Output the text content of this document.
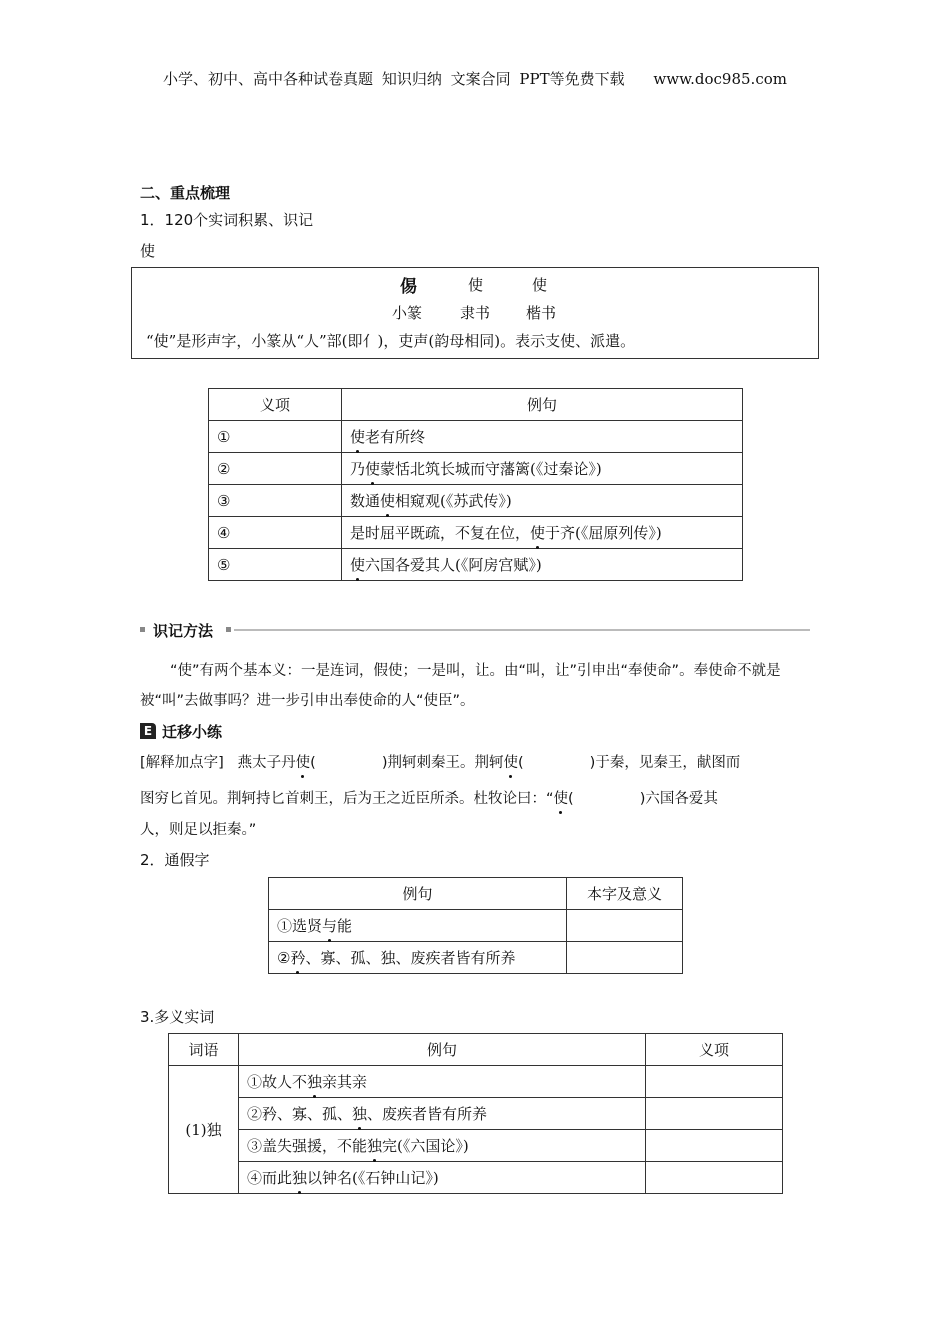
小学、初中、高中各种试卷真题 知识归纳 文案合同 PPT等免费下载 www.doc985.com
二、重点梳理
1．120个实词积累、识记
使
㑥	使	使
小篆	隶书 楷书
“使”是形声字，小篆从“人”部(即亻)，吏声(韵母相同)。表示支使、派遣。
义项	例句
①	使老有所终
②	乃使蒙恬北筑长城而守藩篱(《过秦论》)
③	数通使相窥观(《苏武传》)
④	是时屈平既疏，不复在位，使于齐(《屈原列传》)
⑤	使六国各爱其人(《阿房宫赋》)
识记方法
“使”有两个基本义：一是连词，假使；一是叫，让。由“叫，让”引申出“奉使命”。奉使命不就是被“叫”去做事吗？进一步引申出奉使命的人“使臣”。
E 迁移小练
[解释加点字] 燕太子丹使(	)荆轲刺秦王。荆轲使(	)于秦，见秦王，献图而
图穷匕首见。荆轲持匕首刺王，后为王之近臣所杀。杜牧论曰：“使(	)六国各爱其
人，则足以拒秦。”
2．通假字
例句	本字及意义
①选贤与能	
②矜、寡、孤、独、废疾者皆有所养	
3.多义实词
词语	例句	义项
(1)独	①故人不独亲其亲	
	②矜、寡、孤、独、废疾者皆有所养	
	③盖失强援，不能独完(《六国论》)	
	④而此独以钟名(《石钟山记》)	
